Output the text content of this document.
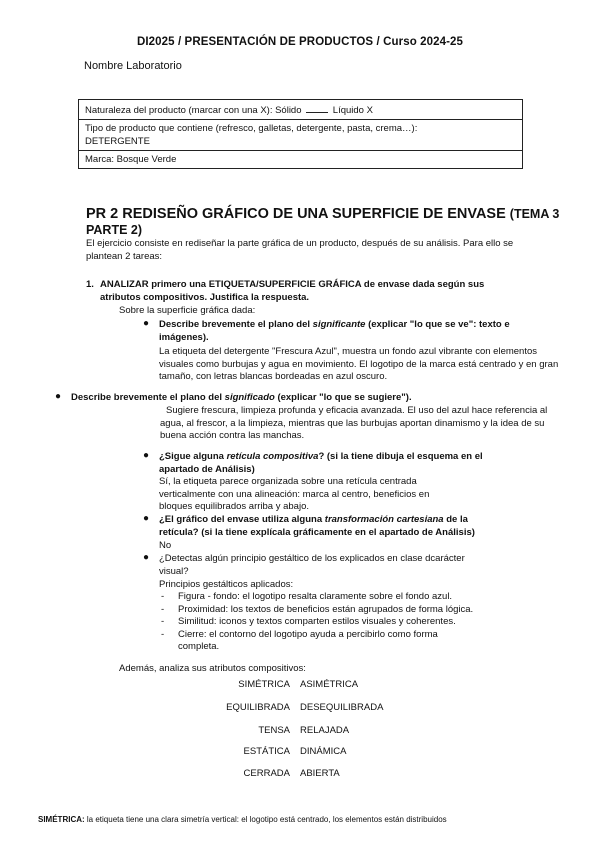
DI2025 / PRESENTACIÓN DE PRODUCTOS / Curso 2024-25
Nombre Laboratorio
Naturaleza del producto (marcar con una X): Sólido	Líquido X
Tipo de producto que contiene (refresco, galletas, detergente, pasta, crema…):
DETERGENTE
Marca: Bosque Verde
PR 2 REDISEÑO GRÁFICO DE UNA SUPERFICIE DE ENVASE (TEMA 3 PARTE 2)
El ejercicio consiste en rediseñar la parte gráfica de un producto, después de su análisis. Para ello se plantean 2 tareas:
1. ANALIZAR primero una ETIQUETA/SUPERFICIE GRÁFICA de envase dada según sus atributos compositivos. Justifica la respuesta.
Sobre la superficie gráfica dada:
● Describe brevemente el plano del significante (explicar "lo que se ve": texto e imágenes).
La etiqueta del detergente "Frescura Azul", muestra un fondo azul vibrante con elementos visuales como burbujas y agua en movimiento. El logotipo de la marca está centrado y en gran tamaño, con letras blancas bordeadas en azul oscuro.
● Describe brevemente el plano del significado (explicar "lo que se sugiere").
Sugiere frescura, limpieza profunda y eficacia avanzada. El uso del azul hace referencia al agua, al frescor, a la limpieza, mientras que las burbujas aportan dinamismo y la idea de su buena acción contra las manchas.
● ¿Sigue alguna retícula compositiva? (si la tiene dibuja el esquema en el apartado de Análisis)
Sí, la etiqueta parece organizada sobre una retícula centrada verticalmente con una alineación: marca al centro, beneficios en bloques equilibrados arriba y abajo.
● ¿El gráfico del envase utiliza alguna transformación cartesiana de la retícula? (si la tiene explícala gráficamente en el apartado de Análisis)
No
● ¿Detectas algún principio gestáltico de los explicados en clase dcarácter visual?
Principios gestálticos aplicados:
- Figura - fondo: el logotipo resalta claramente sobre el fondo azul.
- Proximidad: los textos de beneficios están agrupados de forma lógica.
- Similitud: iconos y textos comparten estilos visuales y coherentes.
- Cierre: el contorno del logotipo ayuda a percibirlo como forma completa.
Además, analiza sus atributos compositivos:
SIMÉTRICA ASIMÉTRICA
EQUILIBRADA DESEQUILIBRADA
TENSA RELAJADA
ESTÁTICA DINÁMICA
CERRADA ABIERTA
SIMÉTRICA: la etiqueta tiene una clara simetría vertical: el logotipo está centrado, los elementos están distribuidos
